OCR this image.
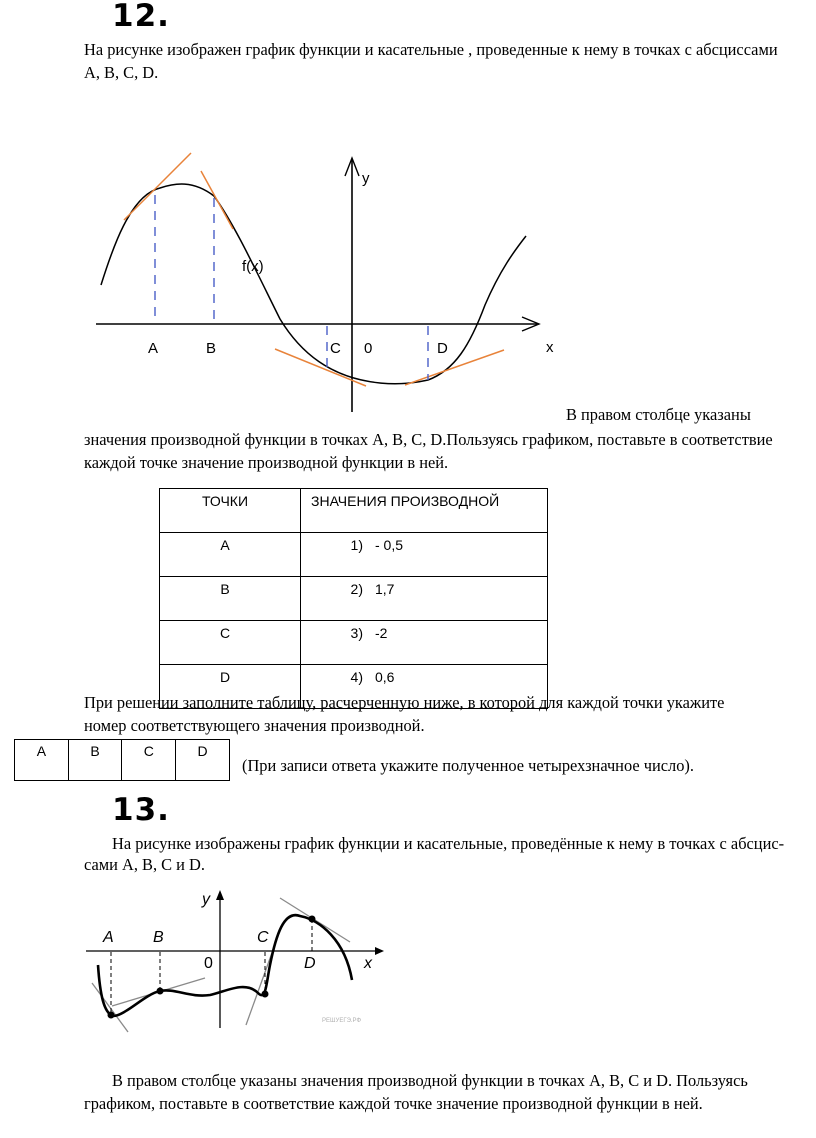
12.
На рисунке изображен график функции и касательные , проведенные к нему в точках с абсциссами
А, В, С, D.
y
x
f(x)
A	B	C 0	D
В правом столбце указаны
значения производной функции в точках А, В, С, D.Пользуясь графиком, поставьте в соответствие
каждой точке значение производной функции в ней.
ТОЧКИ	ЗНАЧЕНИЯ ПРОИЗВОДНОЙ
А	1) - 0,5
В	2) 1,7
С	3) -2
D	4) 0,6
При решении заполните таблицу, расчерченную ниже, в которой для каждой точки укажите
номер соответствующего значения производной.
А	В	С	D
(При записи ответа укажите полученное четырехзначное число).
13.
На рисунке изображены график функции и касательные, проведённые к нему в точках с абсцис-
сами A, B, C и D.
y
x
0
A B	C
D
РЕШУЕГЭ.РФ
В правом столбце указаны значения производной функции в точках A, B, C и D. Пользуясь
графиком, поставьте в соответствие каждой точке значение производной функции в ней.
